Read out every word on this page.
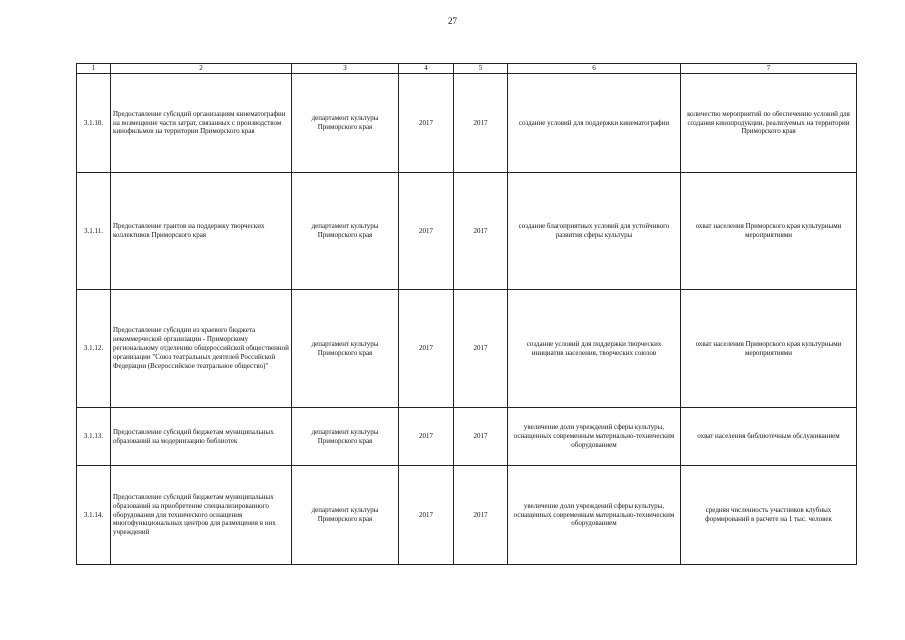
27
1	2	3	4	5	6	7
3.1.10.	Предоставление субсидий организациям кинематографии на возмещение части затрат, связанных с производством кинофильмов на территории Приморского края	департамент культуры Приморского края	2017	2017	создание условий для поддержки кинематографии	количество мероприятий по обеспечению условий для создания кинопродукции, реализуемых на территории Приморского края
3.1.11.	Предоставление грантов на поддержку творческих коллективов Приморского края	департамент культуры Приморского края	2017	2017	создание благоприятных условий для устойчивого развития сферы культуры	охват населения Приморского края культурными мероприятиями
3.1.12.	Предоставление субсидии из краевого бюджета некоммерческой организации - Приморскому региональному отделению общероссийской общественной организации "Союз театральных деятелей Российской Федерации (Всероссийское театральное общество)"	департамент культуры Приморского края	2017	2017	создание условий для поддержки творческих инициатив населения, творческих союзов	охват населения Приморского края культурными мероприятиями
3.1.13.	Предоставление субсидий бюджетам муниципальных образований на модернизацию библиотек	департамент культуры Приморского края	2017	2017	увеличение доли учреждений сферы культуры, оснащенных современным материально-техническим оборудованием	охват населения библиотечным обслуживанием
3.1.14.	Предоставление субсидий бюджетам муниципальных образований на приобретение специализированного оборудования для технического оснащения многофункциональных центров для размещения в них учреждений	департамент культуры Приморского края	2017	2017	увеличение доли учреждений сферы культуры, оснащенных современным материально-техническим оборудованием	средняя численность участников клубных формирований в расчете на 1 тыс. человек
